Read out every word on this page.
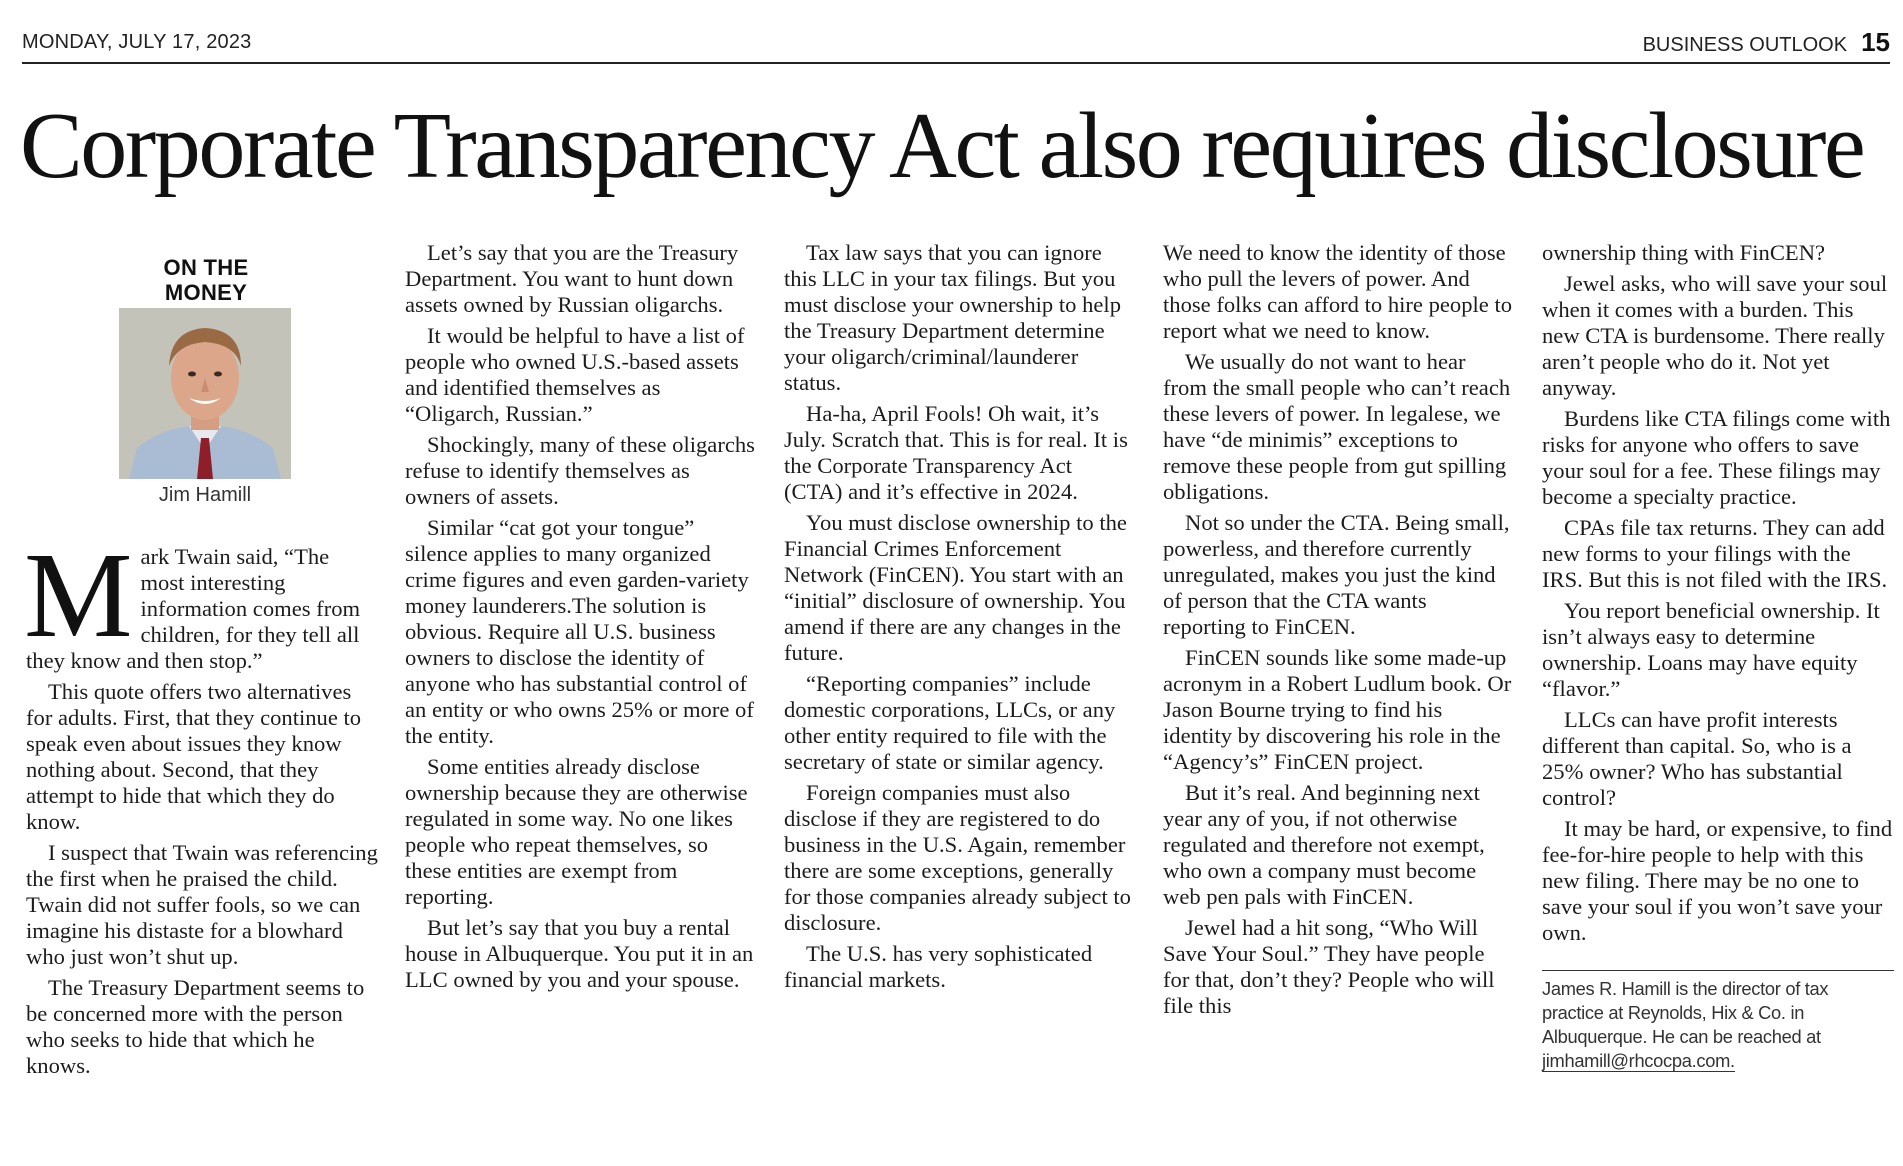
MONDAY, JULY 17, 2023	BUSINESS OUTLOOK 15
Corporate Transparency Act also requires disclosure
ON THE MONEY
Jim Hamill

Mark Twain said, “The most interesting information comes from children, for they tell all they know and then stop.”

This quote offers two alternatives for adults. First, that they continue to speak even about issues they know nothing about. Second, that they attempt to hide that which they do know.

I suspect that Twain was referencing the first when he praised the child. Twain did not suffer fools, so we can imagine his distaste for a blowhard who just won’t shut up.

The Treasury Department seems to be concerned more with the person who seeks to hide that which he knows.

Let’s say that you are the Treasury Department. You want to hunt down assets owned by Russian oligarchs.

It would be helpful to have a list of people who owned U.S.-based assets and identified themselves as “Oligarch, Russian.”

Shockingly, many of these oligarchs refuse to identify themselves as owners of assets.

Similar “cat got your tongue” silence applies to many organized crime figures and even garden-variety money launderers.The solution is obvious. Require all U.S. business owners to disclose the identity of anyone who has substantial control of an entity or who owns 25% or more of the entity.

Some entities already disclose ownership because they are otherwise regulated in some way. No one likes people who repeat themselves, so these entities are exempt from reporting.

But let’s say that you buy a rental house in Albuquerque. You put it in an LLC owned by you and your spouse.

Tax law says that you can ignore this LLC in your tax filings. But you must disclose your ownership to help the Treasury Department determine your oligarch/criminal/launderer status.

Ha-ha, April Fools! Oh wait, it’s July. Scratch that. This is for real. It is the Corporate Transparency Act (CTA) and it’s effective in 2024.

You must disclose ownership to the Financial Crimes Enforcement Network (FinCEN). You start with an “initial” disclosure of ownership. You amend if there are any changes in the future.

“Reporting companies” include domestic corporations, LLCs, or any other entity required to file with the secretary of state or similar agency.

Foreign companies must also disclose if they are registered to do business in the U.S. Again, remember there are some exceptions, generally for those companies already subject to disclosure.

The U.S. has very sophisticated financial markets.

We need to know the identity of those who pull the levers of power. And those folks can afford to hire people to report what we need to know.

We usually do not want to hear from the small people who can’t reach these levers of power. In legalese, we have “de minimis” exceptions to remove these people from gut spilling obligations.

Not so under the CTA. Being small, powerless, and therefore currently unregulated, makes you just the kind of person that the CTA wants reporting to FinCEN.

FinCEN sounds like some made-up acronym in a Robert Ludlum book. Or Jason Bourne trying to find his identity by discovering his role in the “Agency’s” FinCEN project.

But it’s real. And beginning next year any of you, if not otherwise regulated and therefore not exempt, who own a company must become web pen pals with FinCEN.

Jewel had a hit song, “Who Will Save Your Soul.” They have people for that, don’t they? People who will file this

ownership thing with FinCEN?

Jewel asks, who will save your soul when it comes with a burden. This new CTA is burdensome. There really aren’t people who do it. Not yet anyway.

Burdens like CTA filings come with risks for anyone who offers to save your soul for a fee. These filings may become a specialty practice.

CPAs file tax returns. They can add new forms to your filings with the IRS. But this is not filed with the IRS.

You report beneficial ownership. It isn’t always easy to determine ownership. Loans may have equity “flavor.”

LLCs can have profit interests different than capital. So, who is a 25% owner? Who has substantial control?

It may be hard, or expensive, to find fee-for-hire people to help with this new filing. There may be no one to save your soul if you won’t save your own.

James R. Hamill is the director of tax practice at Reynolds, Hix & Co. in Albuquerque. He can be reached at jimhamill@rhcocpa.com.
